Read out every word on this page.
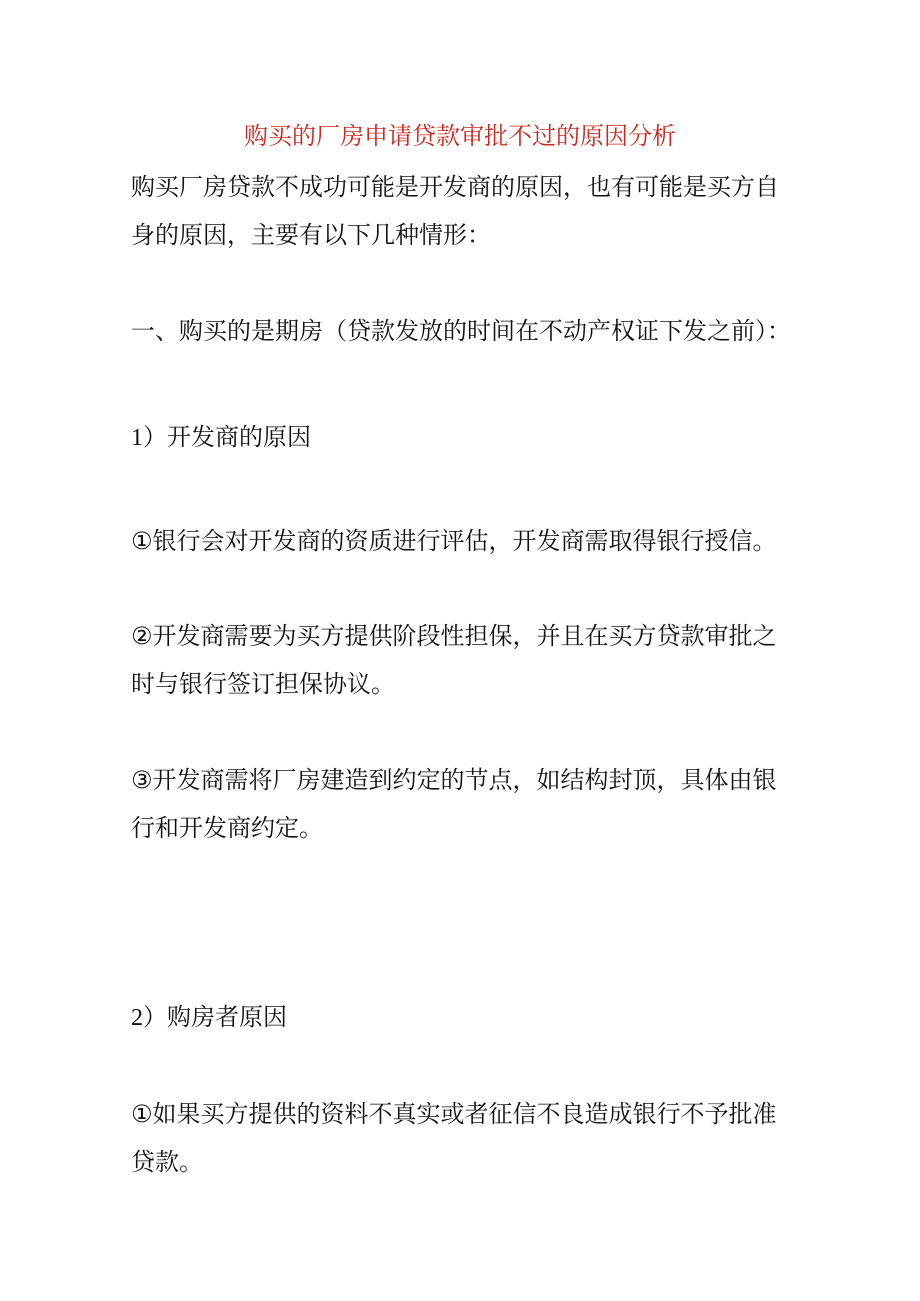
购买的厂房申请贷款审批不过的原因分析
购买厂房贷款不成功可能是开发商的原因，也有可能是买方自身的原因，主要有以下几种情形：
一、购买的是期房（贷款发放的时间在不动产权证下发之前）：
1）开发商的原因
①银行会对开发商的资质进行评估，开发商需取得银行授信。
②开发商需要为买方提供阶段性担保，并且在买方贷款审批之时与银行签订担保协议。
③开发商需将厂房建造到约定的节点，如结构封顶，具体由银行和开发商约定。
2）购房者原因
①如果买方提供的资料不真实或者征信不良造成银行不予批准贷款。
